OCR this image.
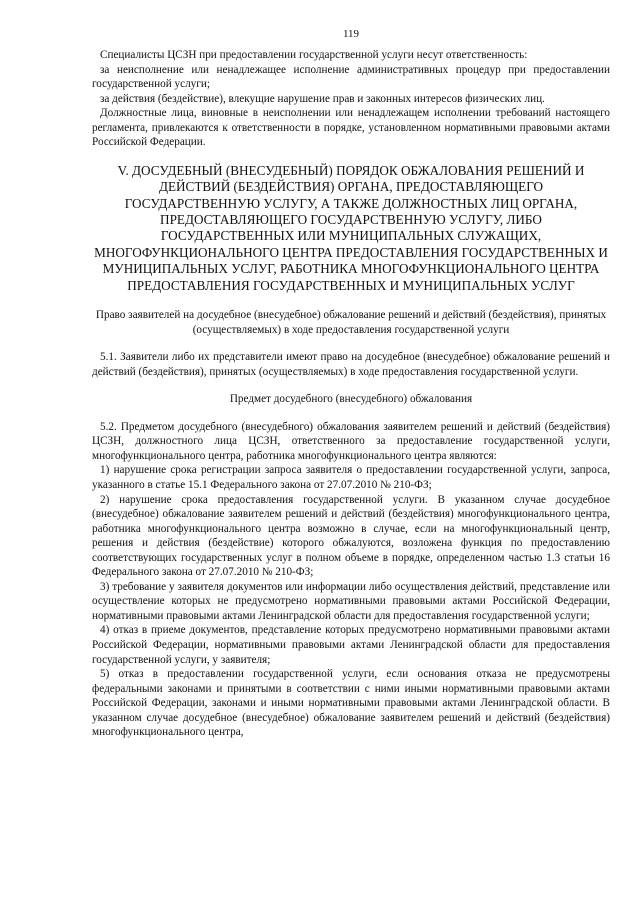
119

Специалисты ЦСЗН при предоставлении государственной услуги несут ответственность:

за неисполнение или ненадлежащее исполнение административных процедур при предоставлении государственной услуги;

за действия (бездействие), влекущие нарушение прав и законных интересов физических лиц.

Должностные лица, виновные в неисполнении или ненадлежащем исполнении требований настоящего регламента, привлекаются к ответственности в порядке, установленном нормативными правовыми актами Российской Федерации.

V. ДОСУДЕБНЫЙ (ВНЕСУДЕБНЫЙ) ПОРЯДОК ОБЖАЛОВАНИЯ РЕШЕНИЙ И ДЕЙСТВИЙ (БЕЗДЕЙСТВИЯ) ОРГАНА, ПРЕДОСТАВЛЯЮЩЕГО ГОСУДАРСТВЕННУЮ УСЛУГУ, А ТАКЖЕ ДОЛЖНОСТНЫХ ЛИЦ ОРГАНА, ПРЕДОСТАВЛЯЮЩЕГО ГОСУДАРСТВЕННУЮ УСЛУГУ, ЛИБО ГОСУДАРСТВЕННЫХ ИЛИ МУНИЦИПАЛЬНЫХ СЛУЖАЩИХ, МНОГОФУНКЦИОНАЛЬНОГО ЦЕНТРА ПРЕДОСТАВЛЕНИЯ ГОСУДАРСТВЕННЫХ И МУНИЦИПАЛЬНЫХ УСЛУГ, РАБОТНИКА МНОГОФУНКЦИОНАЛЬНОГО ЦЕНТРА ПРЕДОСТАВЛЕНИЯ ГОСУДАРСТВЕННЫХ И МУНИЦИПАЛЬНЫХ УСЛУГ
Право заявителей на досудебное (внесудебное) обжалование решений и действий (бездействия), принятых (осуществляемых) в ходе предоставления государственной услуги

5.1. Заявители либо их представители имеют право на досудебное (внесудебное) обжалование решений и действий (бездействия), принятых (осуществляемых) в ходе предоставления государственной услуги.

Предмет досудебного (внесудебного) обжалования

5.2. Предметом досудебного (внесудебного) обжалования заявителем решений и действий (бездействия) ЦСЗН, должностного лица ЦСЗН, ответственного за предоставление государственной услуги, многофункционального центра, работника многофункционального центра являются:

1) нарушение срока регистрации запроса заявителя о предоставлении государственной услуги, запроса, указанного в статье 15.1 Федерального закона от 27.07.2010 № 210-ФЗ;

2) нарушение срока предоставления государственной услуги. В указанном случае досудебное (внесудебное) обжалование заявителем решений и действий (бездействия) многофункционального центра, работника многофункционального центра возможно в случае, если на многофункциональный центр, решения и действия (бездействие) которого обжалуются, возложена функция по предоставлению соответствующих государственных услуг в полном объеме в порядке, определенном частью 1.3 статьи 16 Федерального закона от 27.07.2010 № 210-ФЗ;

3) требование у заявителя документов или информации либо осуществления действий, представление или осуществление которых не предусмотрено нормативными правовыми актами Российской Федерации, нормативными правовыми актами Ленинградской области для предоставления государственной услуги;

4) отказ в приеме документов, представление которых предусмотрено нормативными правовыми актами Российской Федерации, нормативными правовыми актами Ленинградской области для предоставления государственной услуги, у заявителя;

5) отказ в предоставлении государственной услуги, если основания отказа не предусмотрены федеральными законами и принятыми в соответствии с ними иными нормативными правовыми актами Российской Федерации, законами и иными нормативными правовыми актами Ленинградской области. В указанном случае досудебное (внесудебное) обжалование заявителем решений и действий (бездействия) многофункционального центра,
